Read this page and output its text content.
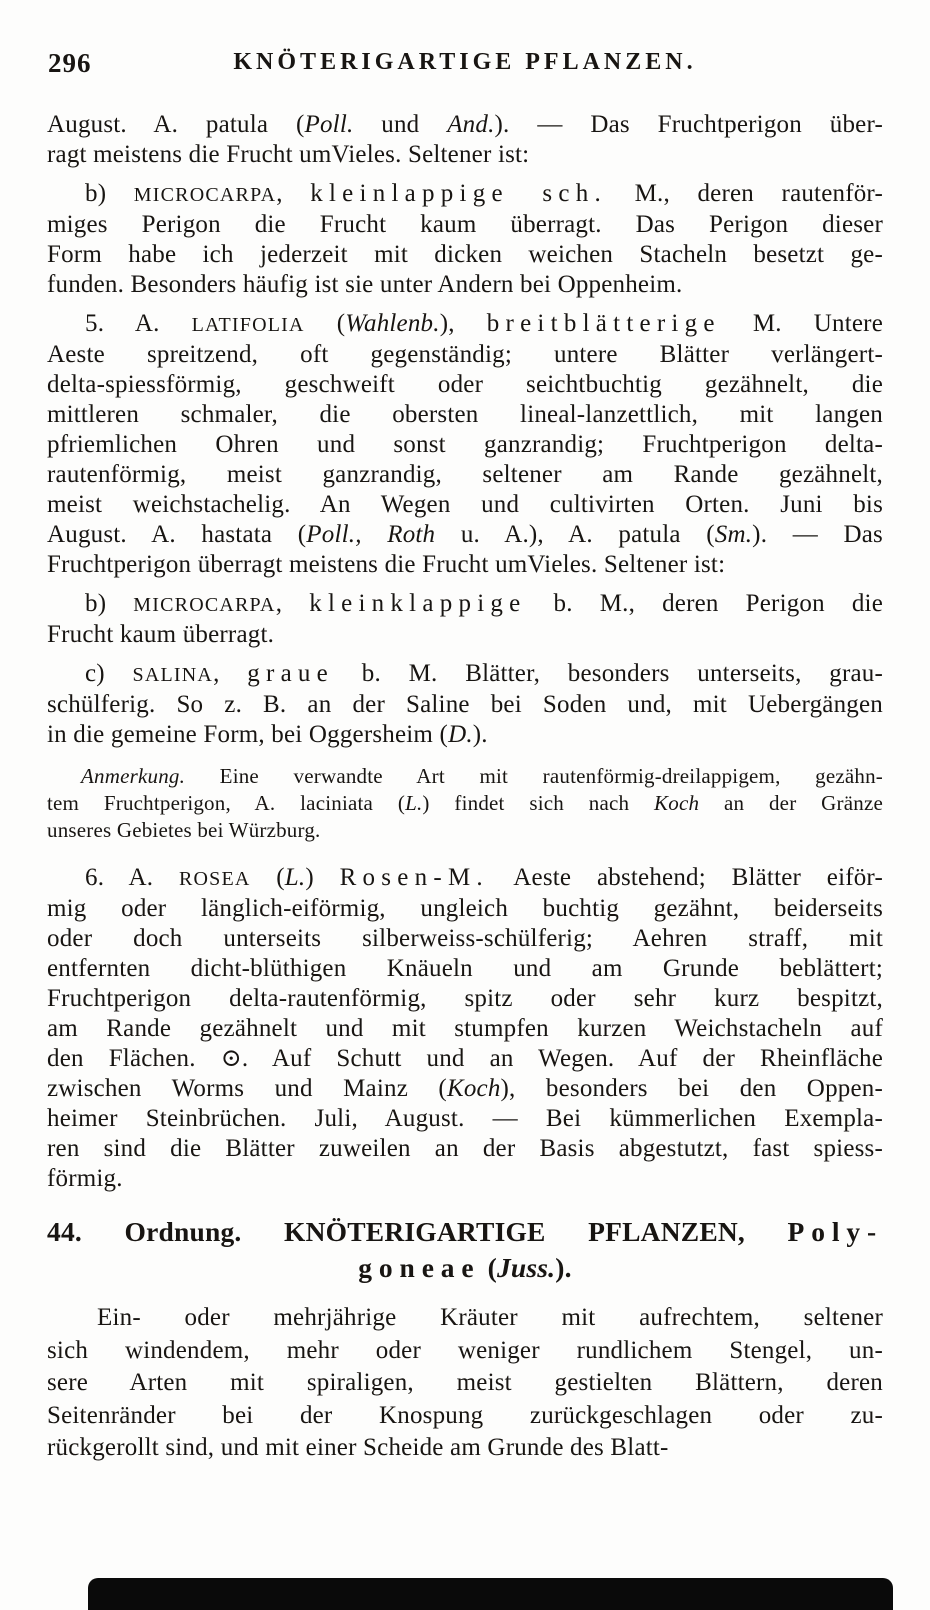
296	KNÖTERIGARTIGE PFLANZEN.
August. A. patula (Poll. und And.). — Das Fruchtperigon über-
ragt meistens die Frucht umVieles. Seltener ist:
b) MICROCARPA, kleinlappige sch. M., deren rautenför-
miges Perigon die Frucht kaum überragt. Das Perigon dieser
Form habe ich jederzeit mit dicken weichen Stacheln besetzt ge-
funden. Besonders häufig ist sie unter Andern bei Oppenheim.
5. A. LATIFOLIA (Wahlenb.), breitblätterige M. Untere
Aeste spreitzend, oft gegenständig; untere Blätter verlängert-
delta-spiessförmig, geschweift oder seichtbuchtig gezähnelt, die
mittleren schmaler, die obersten lineal-lanzettlich, mit langen
pfriemlichen Ohren und sonst ganzrandig; Fruchtperigon delta-
rautenförmig, meist ganzrandig, seltener am Rande gezähnelt,
meist weichstachelig. An Wegen und cultivirten Orten. Juni bis
August. A. hastata (Poll., Roth u. A.), A. patula (Sm.). — Das
Fruchtperigon überragt meistens die Frucht umVieles. Seltener ist:
b) MICROCARPA, kleinklappige b. M., deren Perigon die
Frucht kaum überragt.
c) SALINA, graue b. M. Blätter, besonders unterseits, grau-
schülferig. So z. B. an der Saline bei Soden und, mit Uebergängen
in die gemeine Form, bei Oggersheim (D.).
Anmerkung. Eine verwandte Art mit rautenförmig-dreilappigem, gezähn-
tem Fruchtperigon, A. laciniata (L.) findet sich nach Koch an der Gränze
unseres Gebietes bei Würzburg.
6. A. ROSEA (L.) Rosen-M. Aeste abstehend; Blätter eiför-
mig oder länglich-eiförmig, ungleich buchtig gezähnt, beiderseits
oder doch unterseits silberweiss-schülferig; Aehren straff, mit
entfernten dicht-blüthigen Knäueln und am Grunde beblättert;
Fruchtperigon delta-rautenförmig, spitz oder sehr kurz bespitzt,
am Rande gezähnelt und mit stumpfen kurzen Weichstacheln auf
den Flächen. ⊙. Auf Schutt und an Wegen. Auf der Rheinfläche
zwischen Worms und Mainz (Koch), besonders bei den Oppen-
heimer Steinbrüchen. Juli, August. — Bei kümmerlichen Exempla-
ren sind die Blätter zuweilen an der Basis abgestutzt, fast spiess-
förmig.
44. Ordnung. KNÖTERIGARTIGE PFLANZEN, Poly-
goneae (Juss.).
Ein- oder mehrjährige Kräuter mit aufrechtem, seltener
sich windendem, mehr oder weniger rundlichem Stengel, un-
sere Arten mit spiraligen, meist gestielten Blättern, deren
Seitenränder bei der Knospung zurückgeschlagen oder zu-
rückgerollt sind, und mit einer Scheide am Grunde des Blatt-
